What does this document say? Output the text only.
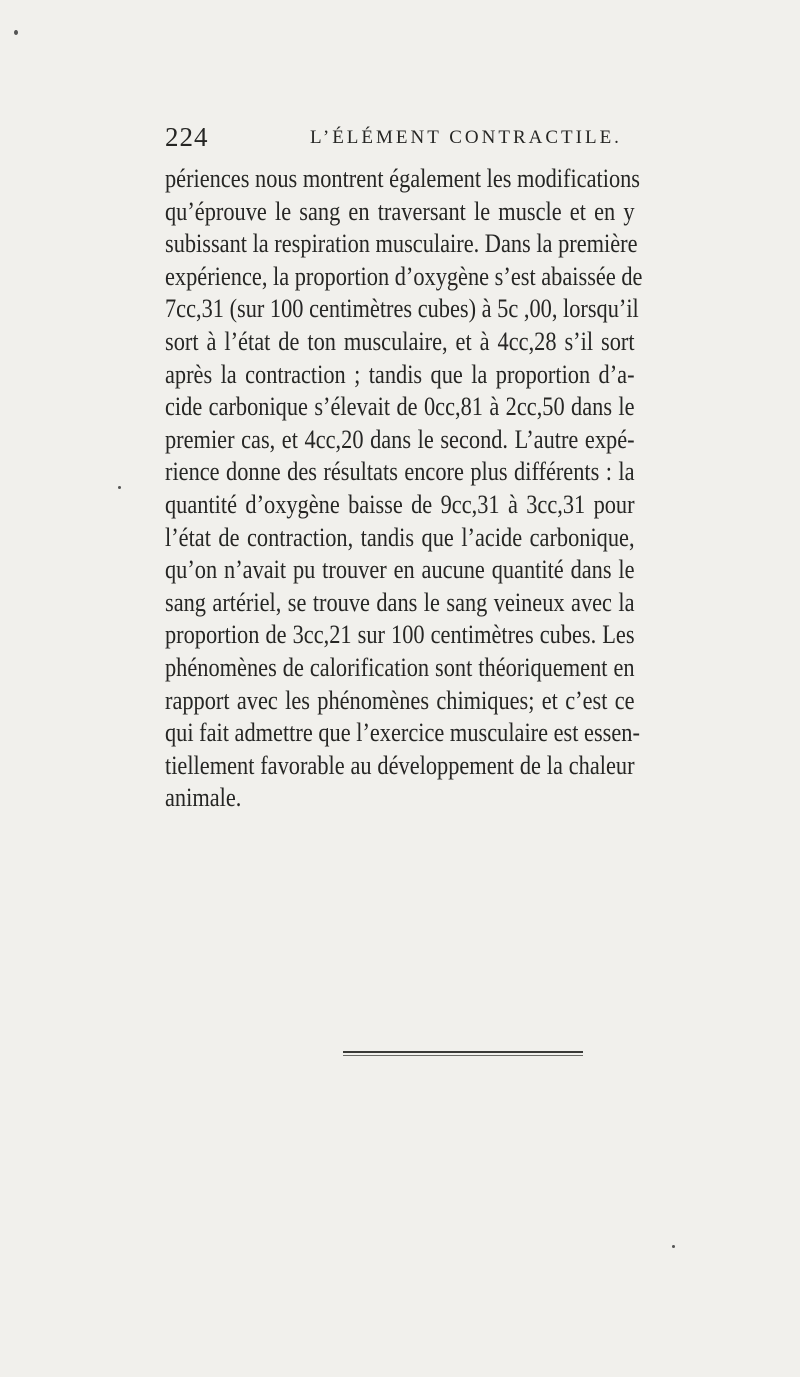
224	L’ÉLÉMENT CONTRACTILE.
périences nous montrent également les modifications
qu’éprouve le sang en traversant le muscle et en y
subissant la respiration musculaire. Dans la première
expérience, la proportion d’oxygène s’est abaissée de
7cc,31 (sur 100 centimètres cubes) à 5c ,00, lorsqu’il
sort à l’état de ton musculaire, et à 4cc,28 s’il sort
après la contraction ; tandis que la proportion d’a-
cide carbonique s’élevait de 0cc,81 à 2cc,50 dans le
premier cas, et 4cc,20 dans le second. L’autre expé-
rience donne des résultats encore plus différents : la
quantité d’oxygène baisse de 9cc,31 à 3cc,31 pour
l’état de contraction, tandis que l’acide carbonique,
qu’on n’avait pu trouver en aucune quantité dans le
sang artériel, se trouve dans le sang veineux avec la
proportion de 3cc,21 sur 100 centimètres cubes. Les
phénomènes de calorification sont théoriquement en
rapport avec les phénomènes chimiques; et c’est ce
qui fait admettre que l’exercice musculaire est essen-
tiellement favorable au développement de la chaleur
animale.
